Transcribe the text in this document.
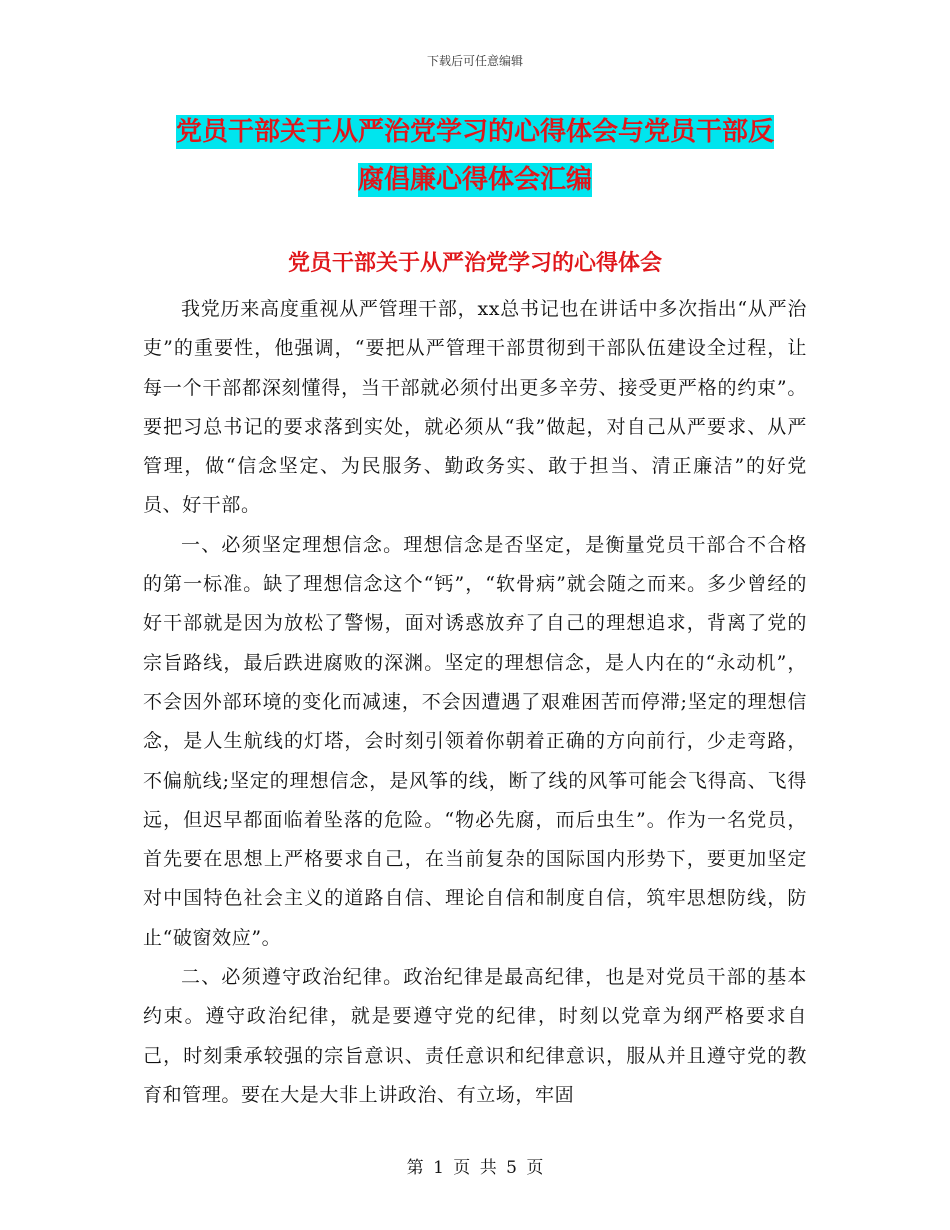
下载后可任意编辑
党员干部关于从严治党学习的心得体会与党员干部反
腐倡廉心得体会汇编
党员干部关于从严治党学习的心得体会

我党历来高度重视从严管理干部，xx总书记也在讲话中多次指出“从严治吏”的重要性，他强调，“要把从严管理干部贯彻到干部队伍建设全过程，让每一个干部都深刻懂得，当干部就必须付出更多辛劳、接受更严格的约束”。要把习总书记的要求落到实处，就必须从“我”做起，对自己从严要求、从严管理，做“信念坚定、为民服务、勤政务实、敢于担当、清正廉洁”的好党员、好干部。

一、必须坚定理想信念。理想信念是否坚定，是衡量党员干部合不合格的第一标准。缺了理想信念这个“钙”，“软骨病”就会随之而来。多少曾经的好干部就是因为放松了警惕，面对诱惑放弃了自己的理想追求，背离了党的宗旨路线，最后跌进腐败的深渊。坚定的理想信念，是人内在的“永动机”，不会因外部环境的变化而减速，不会因遭遇了艰难困苦而停滞;坚定的理想信念，是人生航线的灯塔，会时刻引领着你朝着正确的方向前行，少走弯路，不偏航线;坚定的理想信念，是风筝的线，断了线的风筝可能会飞得高、飞得远，但迟早都面临着坠落的危险。“物必先腐，而后虫生”。作为一名党员，首先要在思想上严格要求自己，在当前复杂的国际国内形势下，要更加坚定对中国特色社会主义的道路自信、理论自信和制度自信，筑牢思想防线，防止“破窗效应”。

二、必须遵守政治纪律。政治纪律是最高纪律，也是对党员干部的基本约束。遵守政治纪律，就是要遵守党的纪律，时刻以党章为纲严格要求自己，时刻秉承较强的宗旨意识、责任意识和纪律意识，服从并且遵守党的教育和管理。要在大是大非上讲政治、有立场，牢固

第 1 页 共 5 页
